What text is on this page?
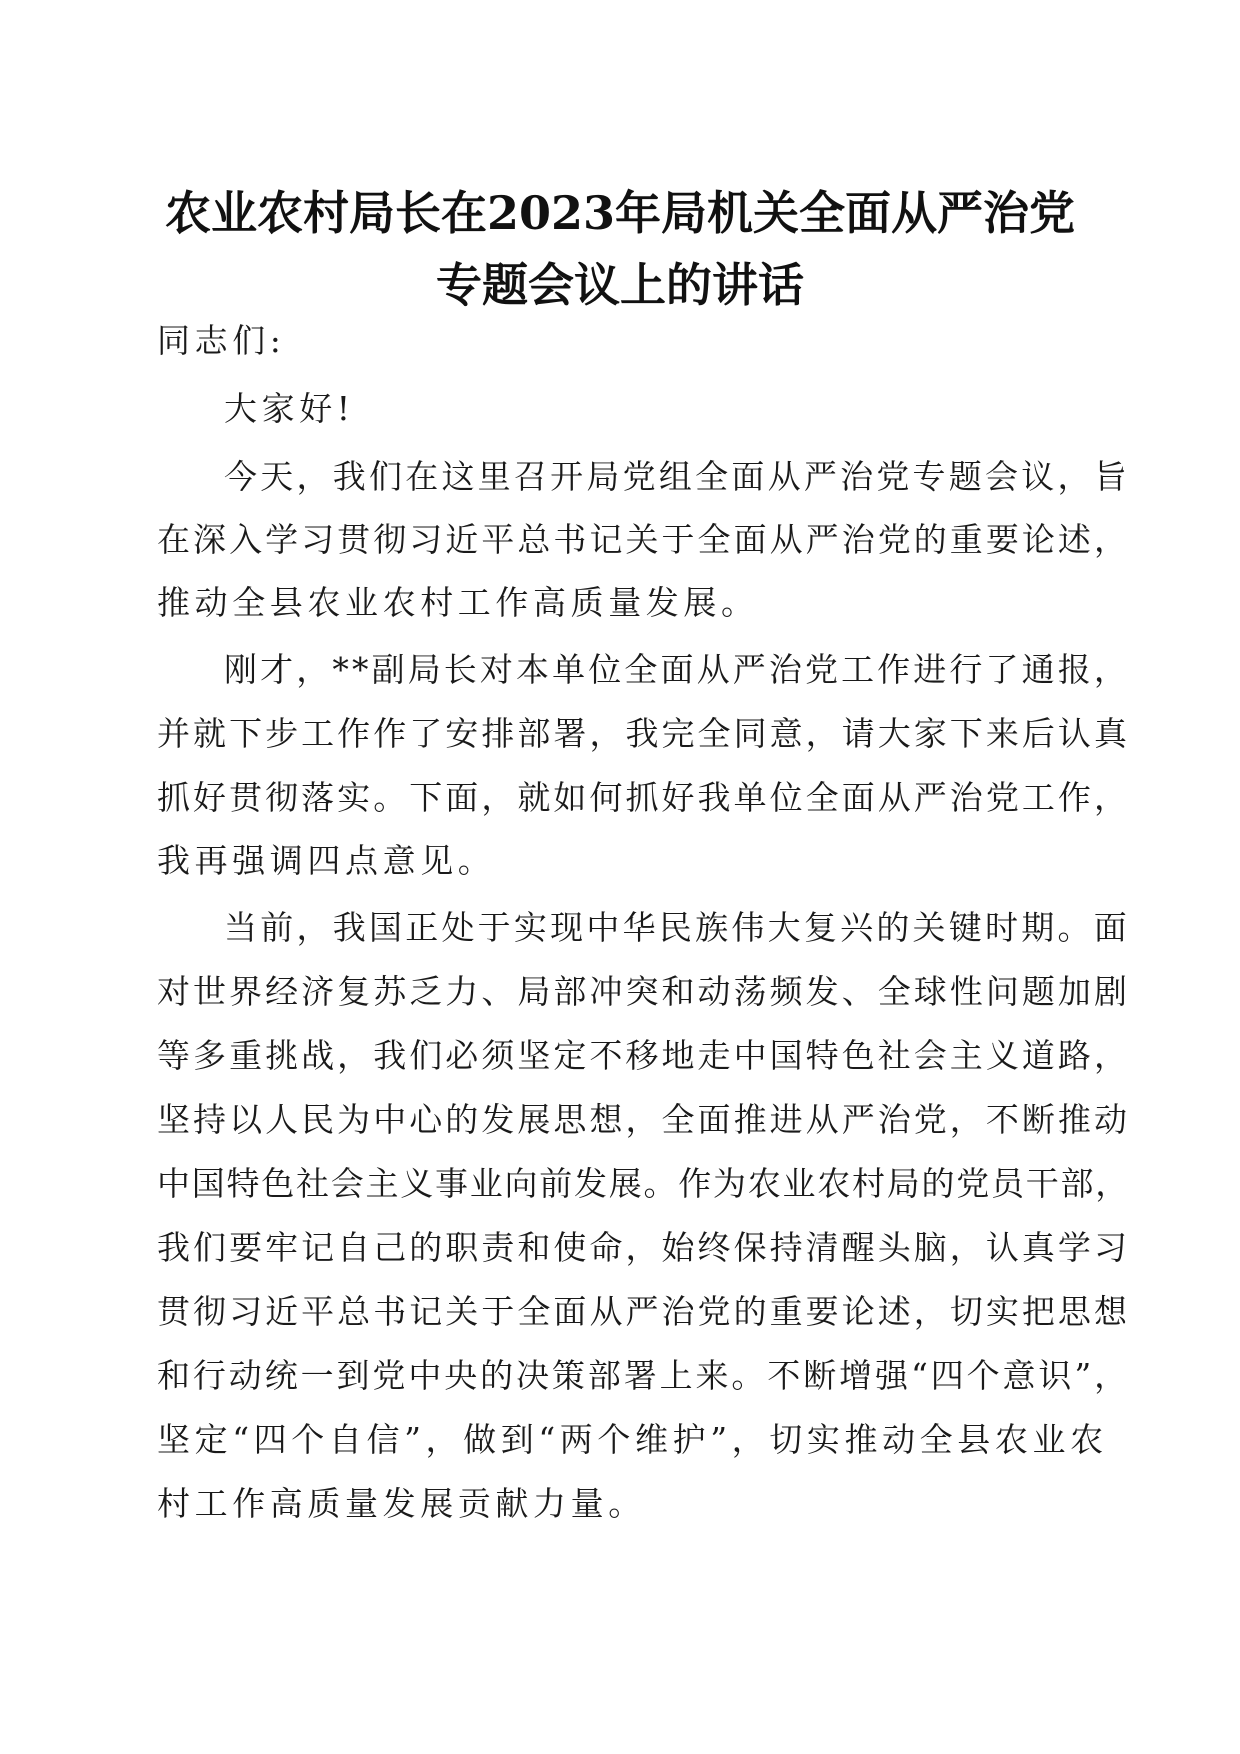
农业农村局长在2023年局机关全面从严治党
专题会议上的讲话

同志们:

大家好!

今天，我们在这里召开局党组全面从严治党专题会议，旨

在深入学习贯彻习近平总书记关于全面从严治党的重要论述，

推动全县农业农村工作高质量发展。

刚才，**副局长对本单位全面从严治党工作进行了通报，

并就下步工作作了安排部署，我完全同意，请大家下来后认真

抓好贯彻落实。下面，就如何抓好我单位全面从严治党工作，

我再强调四点意见。

当前，我国正处于实现中华民族伟大复兴的关键时期。面

对世界经济复苏乏力、局部冲突和动荡频发、全球性问题加剧

等多重挑战，我们必须坚定不移地走中国特色社会主义道路，

坚持以人民为中心的发展思想，全面推进从严治党，不断推动

中国特色社会主义事业向前发展。作为农业农村局的党员干部，

我们要牢记自己的职责和使命，始终保持清醒头脑，认真学习

贯彻习近平总书记关于全面从严治党的重要论述，切实把思想

和行动统一到党中央的决策部署上来。不断增强“四个意识”，

坚定“四个自信”，做到“两个维护”，切实推动全县农业农

村工作高质量发展贡献力量。
